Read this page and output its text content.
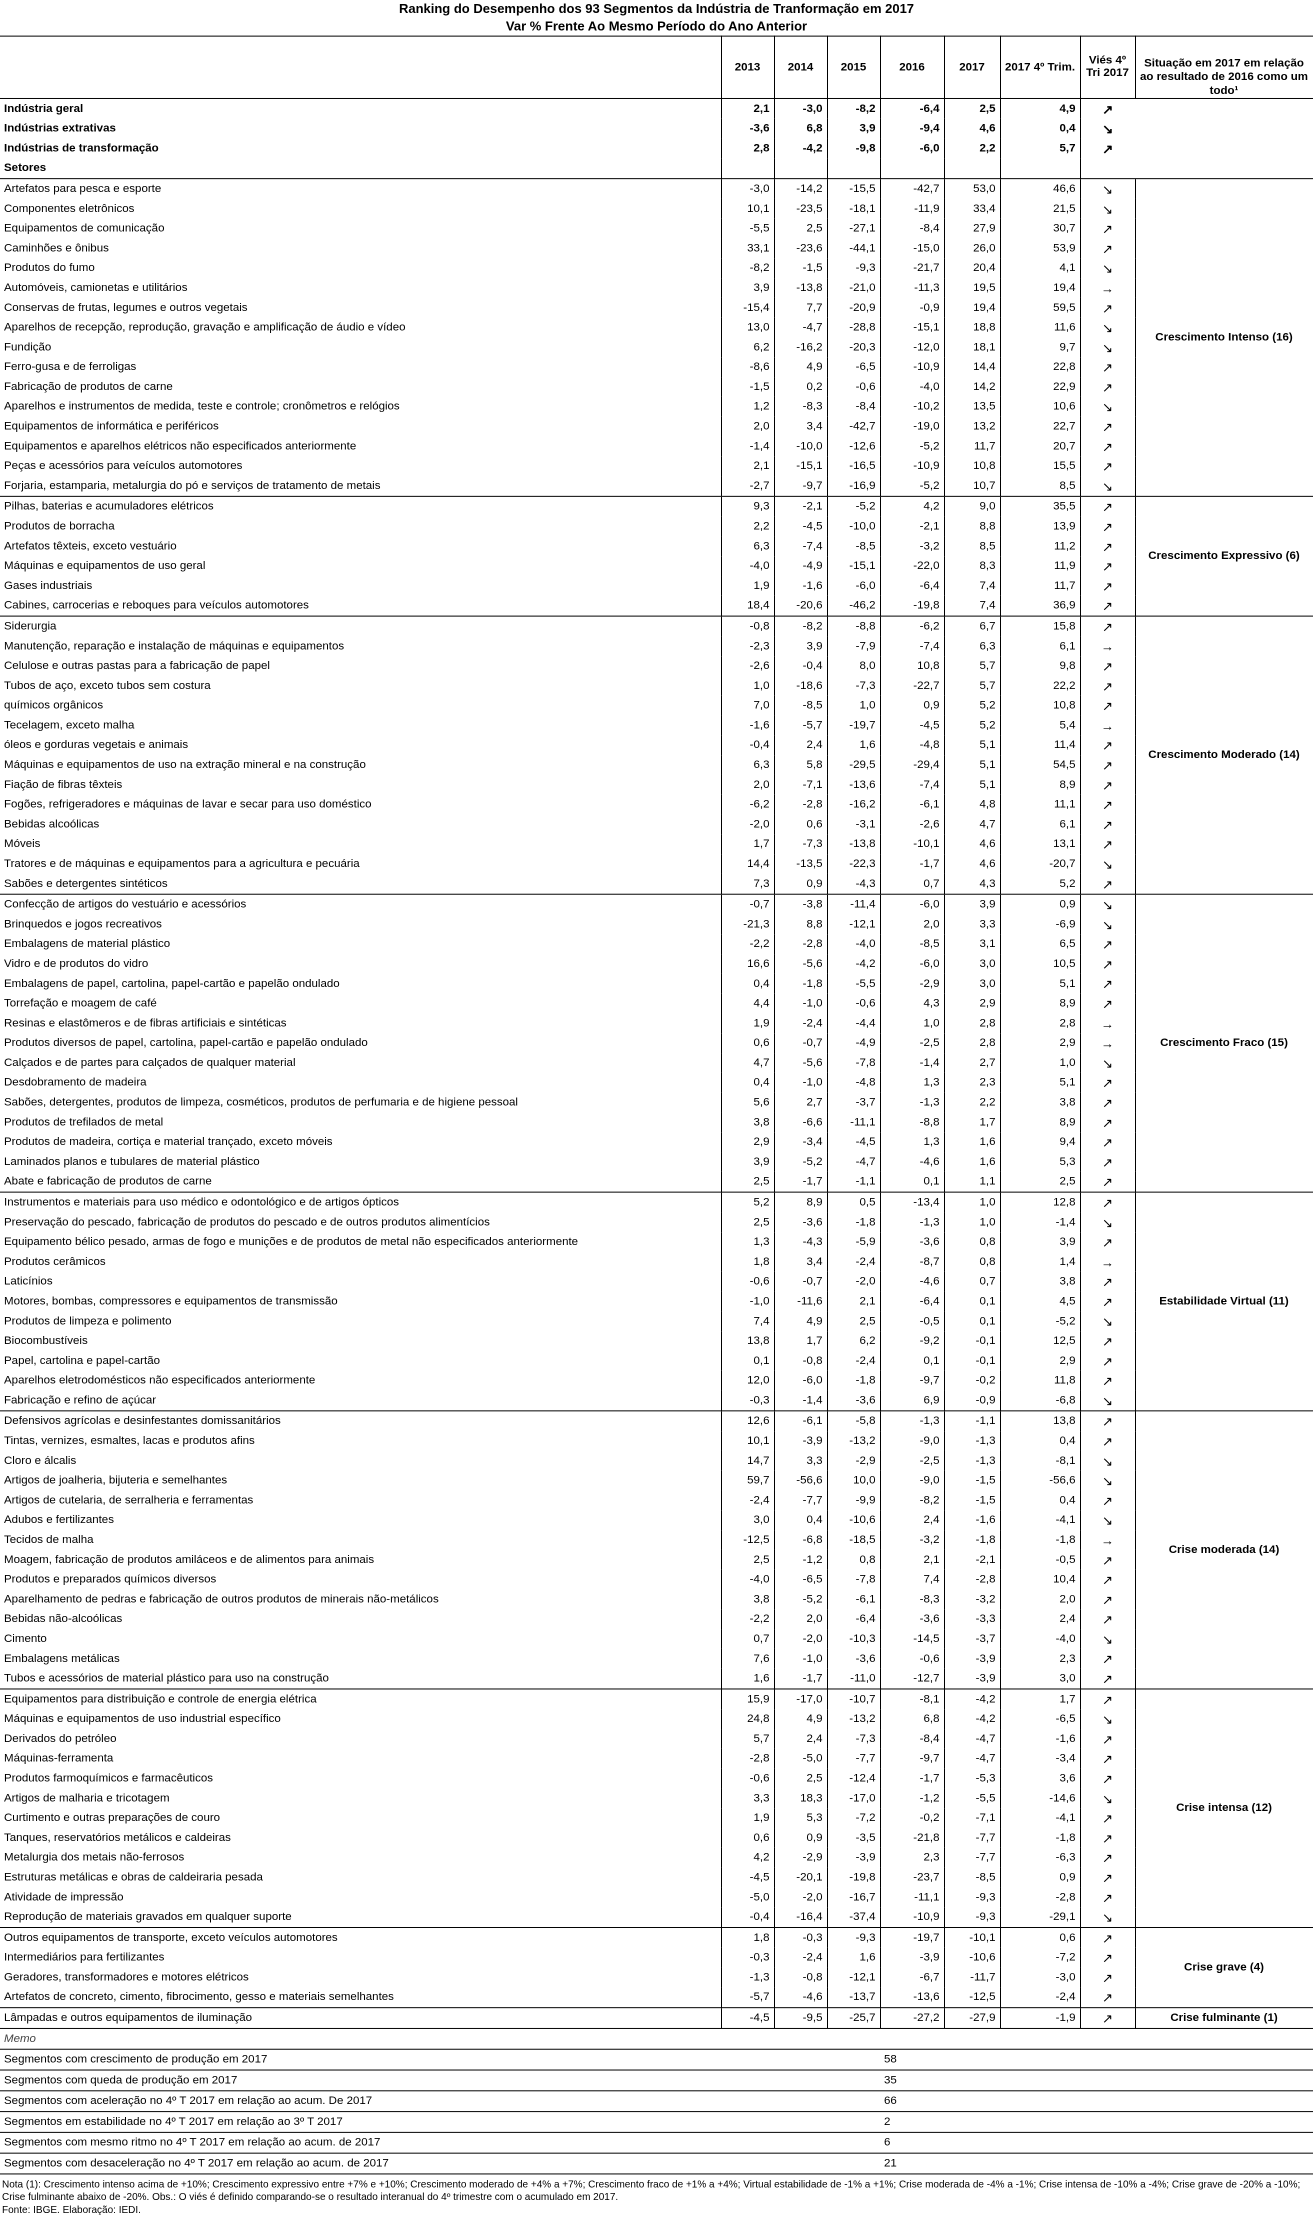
Ranking do Desempenho dos 93 Segmentos da Indústria de Tranformação em 2017
Var % Frente Ao Mesmo Período do Ano Anterior
	2013	2014	2015	2016	2017	2017 4º Trim.	Viés 4º Tri 2017	Situação em 2017 em relação ao resultado de 2016 como um todo¹
Indústria geral	2,1	-3,0	-8,2	-6,4	2,5	4,9	↗	
Indústrias extrativas	-3,6	6,8	3,9	-9,4	4,6	0,4	↘	
Indústrias de transformação	2,8	-4,2	-9,8	-6,0	2,2	5,7	↗	
Setores								
Artefatos para pesca e esporte	-3,0	-14,2	-15,5	-42,7	53,0	46,6	↘	Crescimento Intenso (16)
Componentes eletrônicos	10,1	-23,5	-18,1	-11,9	33,4	21,5	↘	
Equipamentos de comunicação	-5,5	2,5	-27,1	-8,4	27,9	30,7	↗	
Caminhões e ônibus	33,1	-23,6	-44,1	-15,0	26,0	53,9	↗	
Produtos do fumo	-8,2	-1,5	-9,3	-21,7	20,4	4,1	↘	
Automóveis, camionetas e utilitários	3,9	-13,8	-21,0	-11,3	19,5	19,4	→	
Conservas de frutas, legumes e outros vegetais	-15,4	7,7	-20,9	-0,9	19,4	59,5	↗	
Aparelhos de recepção, reprodução, gravação e amplificação de áudio e vídeo	13,0	-4,7	-28,8	-15,1	18,8	11,6	↘	
Fundição	6,2	-16,2	-20,3	-12,0	18,1	9,7	↘	
Ferro-gusa e de ferroligas	-8,6	4,9	-6,5	-10,9	14,4	22,8	↗	
Fabricação de produtos de carne	-1,5	0,2	-0,6	-4,0	14,2	22,9	↗	
Aparelhos e instrumentos de medida, teste e controle; cronômetros e relógios	1,2	-8,3	-8,4	-10,2	13,5	10,6	↘	
Equipamentos de informática e periféricos	2,0	3,4	-42,7	-19,0	13,2	22,7	↗	
Equipamentos e aparelhos elétricos não especificados anteriormente	-1,4	-10,0	-12,6	-5,2	11,7	20,7	↗	
Peças e acessórios para veículos automotores	2,1	-15,1	-16,5	-10,9	10,8	15,5	↗	
Forjaria, estamparia, metalurgia do pó e serviços de tratamento de metais	-2,7	-9,7	-16,9	-5,2	10,7	8,5	↘	
Pilhas, baterias e acumuladores elétricos	9,3	-2,1	-5,2	4,2	9,0	35,5	↗	Crescimento Expressivo (6)
Produtos de borracha	2,2	-4,5	-10,0	-2,1	8,8	13,9	↗	
Artefatos têxteis, exceto vestuário	6,3	-7,4	-8,5	-3,2	8,5	11,2	↗	
Máquinas e equipamentos de uso geral	-4,0	-4,9	-15,1	-22,0	8,3	11,9	↗	
Gases industriais	1,9	-1,6	-6,0	-6,4	7,4	11,7	↗	
Cabines, carrocerias e reboques para veículos automotores	18,4	-20,6	-46,2	-19,8	7,4	36,9	↗	
Siderurgia	-0,8	-8,2	-8,8	-6,2	6,7	15,8	↗	Crescimento Moderado (14)
Manutenção, reparação e instalação de máquinas e equipamentos	-2,3	3,9	-7,9	-7,4	6,3	6,1	→	
Celulose e outras pastas para a fabricação de papel	-2,6	-0,4	8,0	10,8	5,7	9,8	↗	
Tubos de aço, exceto tubos sem costura	1,0	-18,6	-7,3	-22,7	5,7	22,2	↗	
químicos orgânicos	7,0	-8,5	1,0	0,9	5,2	10,8	↗	
Tecelagem, exceto malha	-1,6	-5,7	-19,7	-4,5	5,2	5,4	→	
óleos e gorduras vegetais e animais	-0,4	2,4	1,6	-4,8	5,1	11,4	↗	
Máquinas e equipamentos de uso na extração mineral e na construção	6,3	5,8	-29,5	-29,4	5,1	54,5	↗	
Fiação de fibras têxteis	2,0	-7,1	-13,6	-7,4	5,1	8,9	↗	
Fogões, refrigeradores e máquinas de lavar e secar para uso doméstico	-6,2	-2,8	-16,2	-6,1	4,8	11,1	↗	
Bebidas alcoólicas	-2,0	0,6	-3,1	-2,6	4,7	6,1	↗	
Móveis	1,7	-7,3	-13,8	-10,1	4,6	13,1	↗	
Tratores e de máquinas e equipamentos para a agricultura e pecuária	14,4	-13,5	-22,3	-1,7	4,6	-20,7	↘	
Sabões e detergentes sintéticos	7,3	0,9	-4,3	0,7	4,3	5,2	↗	
Confecção de artigos do vestuário e acessórios	-0,7	-3,8	-11,4	-6,0	3,9	0,9	↘	Crescimento Fraco (15)
Brinquedos e jogos recreativos	-21,3	8,8	-12,1	2,0	3,3	-6,9	↘	
Embalagens de material plástico	-2,2	-2,8	-4,0	-8,5	3,1	6,5	↗	
Vidro e de produtos do vidro	16,6	-5,6	-4,2	-6,0	3,0	10,5	↗	
Embalagens de papel, cartolina, papel-cartão e papelão ondulado	0,4	-1,8	-5,5	-2,9	3,0	5,1	↗	
Torrefação e moagem de café	4,4	-1,0	-0,6	4,3	2,9	8,9	↗	
Resinas e elastômeros e de fibras artificiais e sintéticas	1,9	-2,4	-4,4	1,0	2,8	2,8	→	
Produtos diversos de papel, cartolina, papel-cartão e papelão ondulado	0,6	-0,7	-4,9	-2,5	2,8	2,9	→	
Calçados e de partes para calçados de qualquer material	4,7	-5,6	-7,8	-1,4	2,7	1,0	↘	
Desdobramento de madeira	0,4	-1,0	-4,8	1,3	2,3	5,1	↗	
Sabões, detergentes, produtos de limpeza, cosméticos, produtos de perfumaria e de higiene pessoal	5,6	2,7	-3,7	-1,3	2,2	3,8	↗	
Produtos de trefilados de metal	3,8	-6,6	-11,1	-8,8	1,7	8,9	↗	
Produtos de madeira, cortiça e material trançado, exceto móveis	2,9	-3,4	-4,5	1,3	1,6	9,4	↗	
Laminados planos e tubulares de material plástico	3,9	-5,2	-4,7	-4,6	1,6	5,3	↗	
Abate e fabricação de produtos de carne	2,5	-1,7	-1,1	0,1	1,1	2,5	↗	
Instrumentos e materiais para uso médico e odontológico e de artigos ópticos	5,2	8,9	0,5	-13,4	1,0	12,8	↗	Estabilidade Virtual (11)
Preservação do pescado, fabricação de produtos do pescado e de outros produtos alimentícios	2,5	-3,6	-1,8	-1,3	1,0	-1,4	↘	
Equipamento bélico pesado, armas de fogo e munições e de produtos de metal não especificados anteriormente	1,3	-4,3	-5,9	-3,6	0,8	3,9	↗	
Produtos cerâmicos	1,8	3,4	-2,4	-8,7	0,8	1,4	→	
Laticínios	-0,6	-0,7	-2,0	-4,6	0,7	3,8	↗	
Motores, bombas, compressores e equipamentos de transmissão	-1,0	-11,6	2,1	-6,4	0,1	4,5	↗	
Produtos de limpeza e polimento	7,4	4,9	2,5	-0,5	0,1	-5,2	↘	
Biocombustíveis	13,8	1,7	6,2	-9,2	-0,1	12,5	↗	
Papel, cartolina e papel-cartão	0,1	-0,8	-2,4	0,1	-0,1	2,9	↗	
Aparelhos eletrodomésticos não especificados anteriormente	12,0	-6,0	-1,8	-9,7	-0,2	11,8	↗	
Fabricação e refino de açúcar	-0,3	-1,4	-3,6	6,9	-0,9	-6,8	↘	
Defensivos agrícolas e desinfestantes domissanitários	12,6	-6,1	-5,8	-1,3	-1,1	13,8	↗	Crise moderada (14)
Tintas, vernizes, esmaltes, lacas e produtos afins	10,1	-3,9	-13,2	-9,0	-1,3	0,4	↗	
Cloro e álcalis	14,7	3,3	-2,9	-2,5	-1,3	-8,1	↘	
Artigos de joalheria, bijuteria e semelhantes	59,7	-56,6	10,0	-9,0	-1,5	-56,6	↘	
Artigos de cutelaria, de serralheria e ferramentas	-2,4	-7,7	-9,9	-8,2	-1,5	0,4	↗	
Adubos e fertilizantes	3,0	0,4	-10,6	2,4	-1,6	-4,1	↘	
Tecidos de malha	-12,5	-6,8	-18,5	-3,2	-1,8	-1,8	→	
Moagem, fabricação de produtos amiláceos e de alimentos para animais	2,5	-1,2	0,8	2,1	-2,1	-0,5	↗	
Produtos e preparados químicos diversos	-4,0	-6,5	-7,8	7,4	-2,8	10,4	↗	
Aparelhamento de pedras e fabricação de outros produtos de minerais não-metálicos	3,8	-5,2	-6,1	-8,3	-3,2	2,0	↗	
Bebidas não-alcoólicas	-2,2	2,0	-6,4	-3,6	-3,3	2,4	↗	
Cimento	0,7	-2,0	-10,3	-14,5	-3,7	-4,0	↘	
Embalagens metálicas	7,6	-1,0	-3,6	-0,6	-3,9	2,3	↗	
Tubos e acessórios de material plástico para uso na construção	1,6	-1,7	-11,0	-12,7	-3,9	3,0	↗	
Equipamentos para distribuição e controle de energia elétrica	15,9	-17,0	-10,7	-8,1	-4,2	1,7	↗	Crise intensa (12)
Máquinas e equipamentos de uso industrial específico	24,8	4,9	-13,2	6,8	-4,2	-6,5	↘	
Derivados do petróleo	5,7	2,4	-7,3	-8,4	-4,7	-1,6	↗	
Máquinas-ferramenta	-2,8	-5,0	-7,7	-9,7	-4,7	-3,4	↗	
Produtos farmoquímicos e farmacêuticos	-0,6	2,5	-12,4	-1,7	-5,3	3,6	↗	
Artigos de malharia e tricotagem	3,3	18,3	-17,0	-1,2	-5,5	-14,6	↘	
Curtimento e outras preparações de couro	1,9	5,3	-7,2	-0,2	-7,1	-4,1	↗	
Tanques, reservatórios metálicos e caldeiras	0,6	0,9	-3,5	-21,8	-7,7	-1,8	↗	
Metalurgia dos metais não-ferrosos	4,2	-2,9	-3,9	2,3	-7,7	-6,3	↗	
Estruturas metálicas e obras de caldeiraria pesada	-4,5	-20,1	-19,8	-23,7	-8,5	0,9	↗	
Atividade de impressão	-5,0	-2,0	-16,7	-11,1	-9,3	-2,8	↗	
Reprodução de materiais gravados em qualquer suporte	-0,4	-16,4	-37,4	-10,9	-9,3	-29,1	↘	
Outros equipamentos de transporte, exceto veículos automotores	1,8	-0,3	-9,3	-19,7	-10,1	0,6	↗	Crise grave (4)
Intermediários para fertilizantes	-0,3	-2,4	1,6	-3,9	-10,6	-7,2	↗	
Geradores, transformadores e motores elétricos	-1,3	-0,8	-12,1	-6,7	-11,7	-3,0	↗	
Artefatos de concreto, cimento, fibrocimento, gesso e materiais semelhantes	-5,7	-4,6	-13,7	-13,6	-12,5	-2,4	↗	
Lâmpadas e outros equipamentos de iluminação	-4,5	-9,5	-25,7	-27,2	-27,9	-1,9	↗	Crise fulminante (1)
Memo								
Segmentos com crescimento de produção em 2017				58				
Segmentos com queda de produção em 2017				35				
Segmentos com aceleração no 4º T 2017 em relação ao acum. De 2017				66				
Segmentos em estabilidade no 4º T 2017 em relação ao 3º T 2017				2				
Segmentos com mesmo ritmo no 4º T 2017 em relação ao acum. de 2017				6				
Segmentos com desaceleração no 4º T 2017 em relação ao acum. de 2017				21				
Nota (1): Crescimento intenso acima de +10%; Crescimento expressivo entre +7% e +10%; Crescimento moderado de +4% a +7%; Crescimento fraco de +1% a +4%; Virtual estabilidade de -1% a +1%; Crise moderada de -4% a -1%; Crise intensa de -10% a -4%; Crise grave de -20% a -10%; Crise fulminante abaixo de -20%. Obs.: O viés é definido comparando-se o resultado interanual do 4º trimestre com o acumulado em 2017.
Fonte: IBGE. Elaboração: IEDI.
